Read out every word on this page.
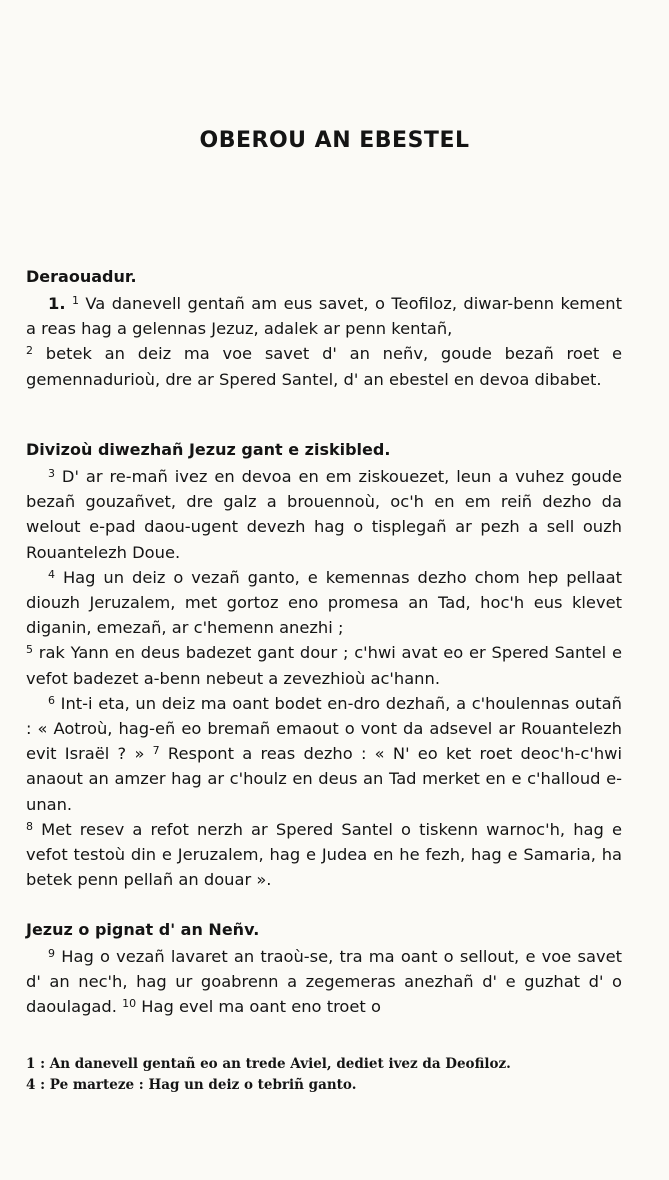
OBEROU AN EBESTEL
Deraouadur.

1. $^1$ Va danevell gentañ am eus savet, o Teofiloz, diwar-benn kement a reas hag a gelennas Jezuz, adalek ar penn kentañ,
$^2$ betek an deiz ma voe savet d' an neñv, goude bezañ roet e gemennadurioù, dre ar Spered Santel, d' an ebestel en devoa dibabet.

Divizoù diwezhañ Jezuz gant e ziskibled.

$^3$ D' ar re-mañ ivez en devoa en em ziskouezet, leun a vuhez goude bezañ gouzañvet, dre galz a brouennoù, oc'h en em reiñ dezho da welout e-pad daou-ugent devezh hag o tisplegañ ar pezh a sell ouzh Rouantelezh Doue.

$^4$ Hag un deiz o vezañ ganto, e kemennas dezho chom hep pellaat diouzh Jeruzalem, met gortoz eno promesa an Tad, hoc'h eus klevet diganin, emezañ, ar c'hemenn anezhi ;
$^5$ rak Yann en deus badezet gant dour ; c'hwi avat eo er Spered Santel e vefot badezet a-benn nebeut a zevezhioù ac'hann.

$^6$ Int-i eta, un deiz ma oant bodet en-dro dezhañ, a c'houlennas outañ : « Aotroù, hag-eñ eo bremañ emaout o vont da adsevel ar Rouantelezh evit Israël ? » $^7$ Respont a reas dezho : « N' eo ket roet deoc'h-c'hwi anaout an amzer hag ar c'houlz en deus an Tad merket en e c'halloud e-unan.
$^8$ Met resev a refot nerzh ar Spered Santel o tiskenn warnoc'h, hag e vefot testoù din e Jeruzalem, hag e Judea en he fezh, hag e Samaria, ha betek penn pellañ an douar ».

Jezuz o pignat d' an Neñv.

$^9$ Hag o vezañ lavaret an traoù-se, tra ma oant o sellout, e voe savet d' an nec'h, hag ur goabrenn a zegemeras anezhañ d' e guzhat d' o daoulagad. $^{10}$ Hag evel ma oant eno troet o

1 : An danevell gentañ eo an trede Aviel, dediet ivez da Deofiloz.
4 : Pe marteze : Hag un deiz o tebriñ ganto.
